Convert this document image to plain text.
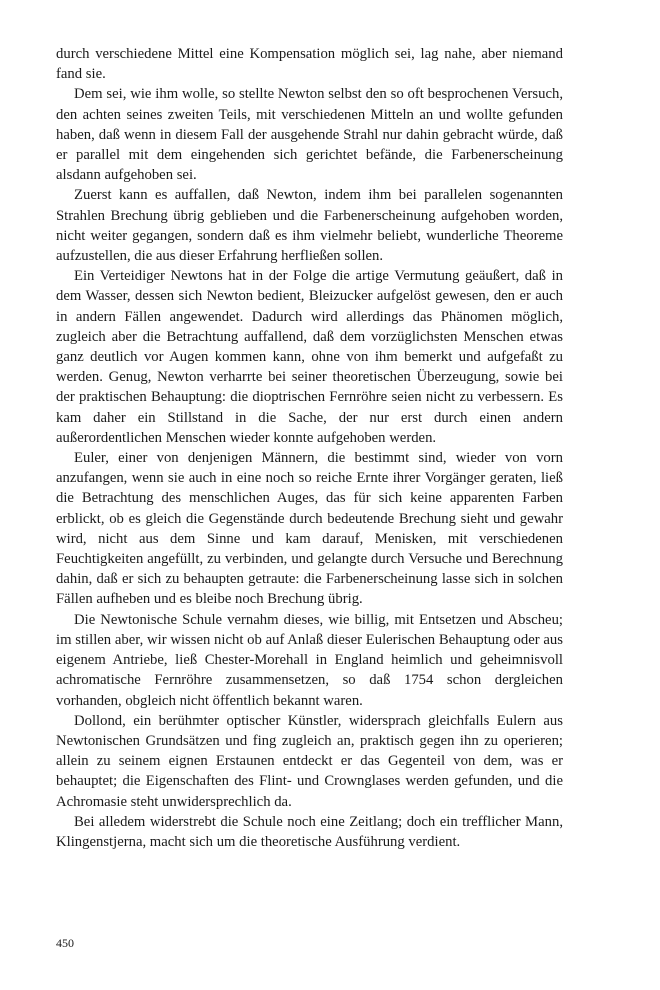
durch verschiedene Mittel eine Kompensation möglich sei, lag nahe, aber niemand fand sie.

Dem sei, wie ihm wolle, so stellte Newton selbst den so oft besprochenen Versuch, den achten seines zweiten Teils, mit verschiedenen Mitteln an und wollte gefunden haben, daß wenn in diesem Fall der ausgehende Strahl nur dahin gebracht würde, daß er parallel mit dem eingehenden sich gerichtet befände, die Farbenerscheinung alsdann aufgehoben sei.

Zuerst kann es auffallen, daß Newton, indem ihm bei parallelen sogenannten Strahlen Brechung übrig geblieben und die Farbenerscheinung aufgehoben worden, nicht weiter gegangen, sondern daß es ihm vielmehr beliebt, wunderliche Theoreme aufzustellen, die aus dieser Erfahrung herfließen sollen.

Ein Verteidiger Newtons hat in der Folge die artige Vermutung geäußert, daß in dem Wasser, dessen sich Newton bedient, Bleizucker aufgelöst gewesen, den er auch in andern Fällen angewendet. Dadurch wird allerdings das Phänomen möglich, zugleich aber die Betrachtung auffallend, daß dem vorzüglichsten Menschen etwas ganz deutlich vor Augen kommen kann, ohne von ihm bemerkt und aufgefaßt zu werden. Genug, Newton verharrte bei seiner theoretischen Überzeugung, sowie bei der praktischen Behauptung: die dioptrischen Fernröhre seien nicht zu verbessern. Es kam daher ein Stillstand in die Sache, der nur erst durch einen andern außerordentlichen Menschen wieder konnte aufgehoben werden.

Euler, einer von denjenigen Männern, die bestimmt sind, wieder von vorn anzufangen, wenn sie auch in eine noch so reiche Ernte ihrer Vorgänger geraten, ließ die Betrachtung des menschlichen Auges, das für sich keine apparenten Farben erblickt, ob es gleich die Gegenstände durch bedeutende Brechung sieht und gewahr wird, nicht aus dem Sinne und kam darauf, Menisken, mit verschiedenen Feuchtigkeiten angefüllt, zu verbinden, und gelangte durch Versuche und Berechnung dahin, daß er sich zu behaupten getraute: die Farbenerscheinung lasse sich in solchen Fällen aufheben und es bleibe noch Brechung übrig.

Die Newtonische Schule vernahm dieses, wie billig, mit Entsetzen und Abscheu; im stillen aber, wir wissen nicht ob auf Anlaß dieser Eulerischen Behauptung oder aus eigenem Antriebe, ließ Chester-Morehall in England heimlich und geheimnisvoll achromatische Fernröhre zusammensetzen, so daß 1754 schon dergleichen vorhanden, obgleich nicht öffentlich bekannt waren.

Dollond, ein berühmter optischer Künstler, widersprach gleichfalls Eulern aus Newtonischen Grundsätzen und fing zugleich an, praktisch gegen ihn zu operieren; allein zu seinem eignen Erstaunen entdeckt er das Gegenteil von dem, was er behauptet; die Eigenschaften des Flint- und Crownglases werden gefunden, und die Achromasie steht unwidersprechlich da.

Bei alledem widerstrebt die Schule noch eine Zeitlang; doch ein trefflicher Mann, Klingenstjerna, macht sich um die theoretische Ausführung verdient.

450
